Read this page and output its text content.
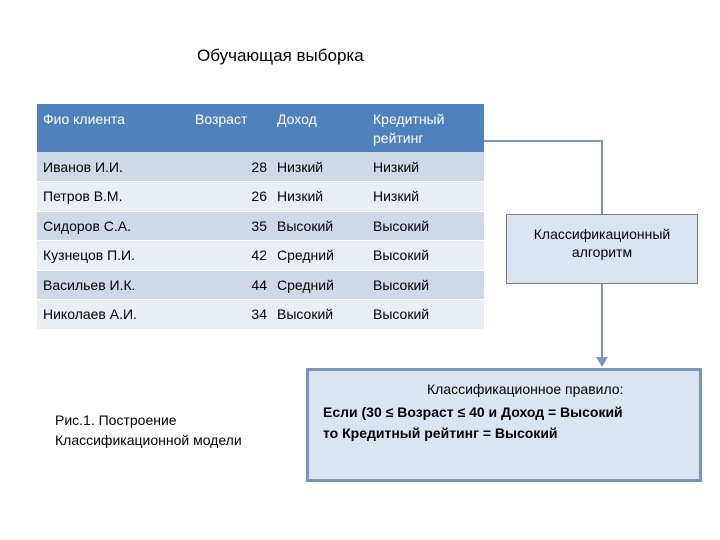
Обучающая выборка
Фио клиента	Возраст	Доход	Кредитный рейтинг
Иванов И.И.	28	Низкий	Низкий
Петров В.М.	26	Низкий	Низкий
Сидоров С.А.	35	Высокий	Высокий
Кузнецов П.И.	42	Средний	Высокий
Васильев И.К.	44	Средний	Высокий
Николаев А.И.	34	Высокий	Высокий
Классификационный
алгоритм
Классификационное правило:
Если (30 ≤ Возраст ≤ 40 и Доход = Высокий
то Кредитный рейтинг = Высокий
Рис.1. Построение Классификационной модели
